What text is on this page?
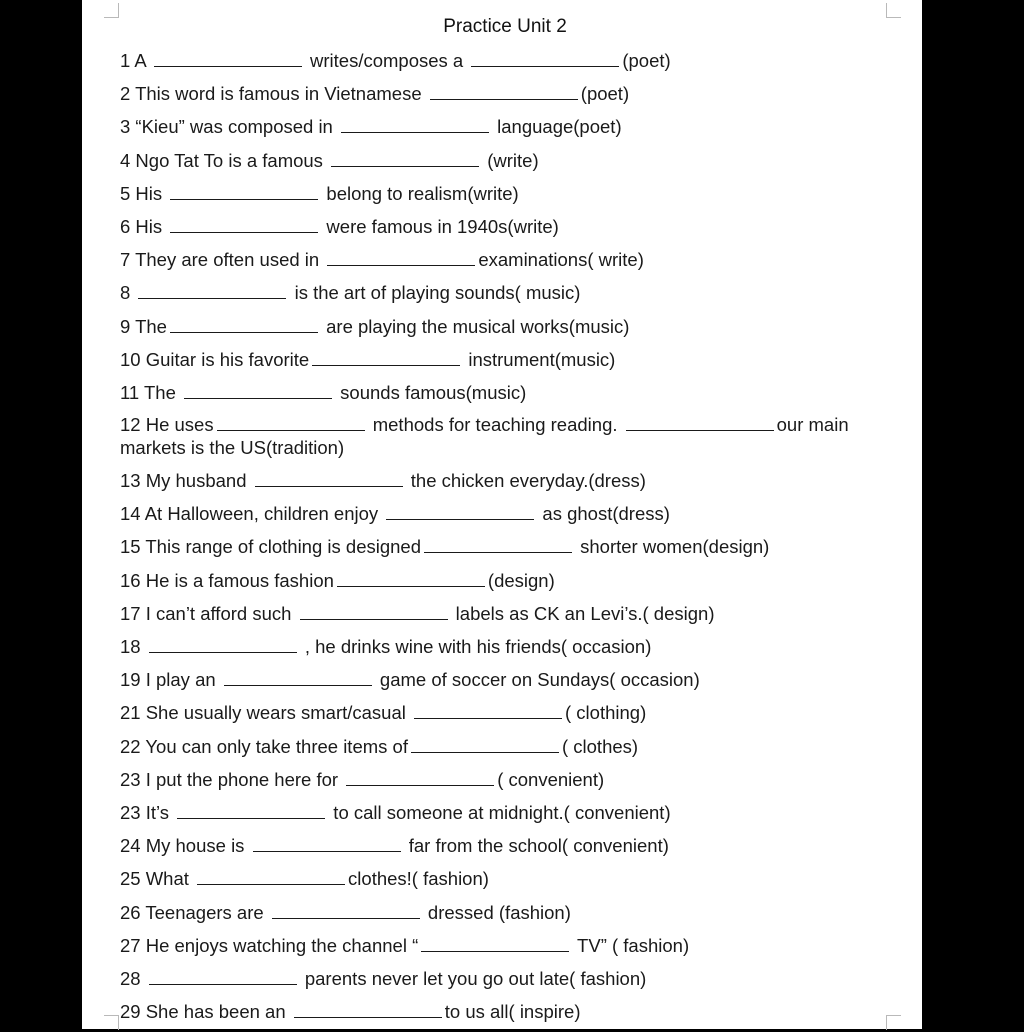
Practice Unit 2
1 A	writes/composes a	(poet)
2 This word is famous in Vietnamese	(poet)
3 “Kieu” was composed in	language(poet)
4 Ngo Tat To is a famous	(write)
5 His	belong to realism(write)
6 His	were famous in 1940s(write)
7 They are often used in	examinations( write)
8	is the art of playing sounds( music)
9 The	are playing the musical works(music)
10 Guitar is his favorite	instrument(music)
11 The	sounds famous(music)
12 He uses	methods for teaching reading.	our main markets is the US(tradition)
13 My husband	the chicken everyday.(dress)
14 At Halloween, children enjoy	as ghost(dress)
15 This range of clothing is designed	shorter women(design)
16 He is a famous fashion	(design)
17 I can’t afford such	labels as CK an Levi’s.( design)
18	, he drinks wine with his friends( occasion)
19 I play an	game of soccer on Sundays( occasion)
21 She usually wears smart/casual	( clothing)
22 You can only take three items of	( clothes)
23 I put the phone here for	( convenient)
23 It’s	to call someone at midnight.( convenient)
24 My house is	far from the school( convenient)
25 What	clothes!( fashion)
26 Teenagers are	dressed (fashion)
27 He enjoys watching the channel “	TV” ( fashion)
28	parents never let you go out late( fashion)
29 She has been an	to us all( inspire)
